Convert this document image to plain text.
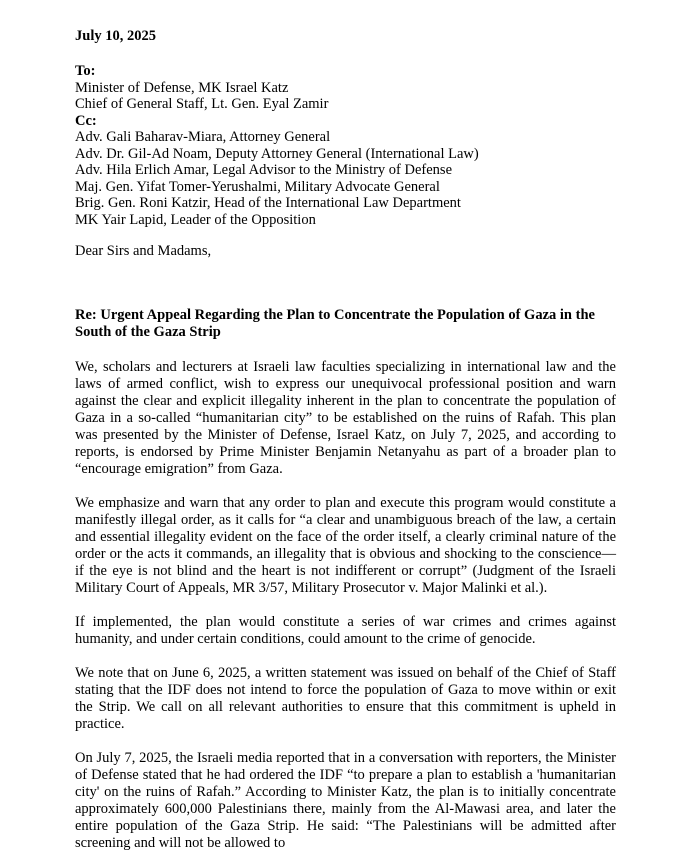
July 10, 2025
To:
Minister of Defense, MK Israel Katz
Chief of General Staff, Lt. Gen. Eyal Zamir
Cc:
Adv. Gali Baharav-Miara, Attorney General
Adv. Dr. Gil-Ad Noam, Deputy Attorney General (International Law)
Adv. Hila Erlich Amar, Legal Advisor to the Ministry of Defense
Maj. Gen. Yifat Tomer-Yerushalmi, Military Advocate General
Brig. Gen. Roni Katzir, Head of the International Law Department
MK Yair Lapid, Leader of the Opposition
Dear Sirs and Madams,
Re: Urgent Appeal Regarding the Plan to Concentrate the Population of Gaza in the South of the Gaza Strip

We, scholars and lecturers at Israeli law faculties specializing in international law and the laws of armed conflict, wish to express our unequivocal professional position and warn against the clear and explicit illegality inherent in the plan to concentrate the population of Gaza in a so-called “humanitarian city” to be established on the ruins of Rafah. This plan was presented by the Minister of Defense, Israel Katz, on July 7, 2025, and according to reports, is endorsed by Prime Minister Benjamin Netanyahu as part of a broader plan to “encourage emigration” from Gaza.

We emphasize and warn that any order to plan and execute this program would constitute a manifestly illegal order, as it calls for “a clear and unambiguous breach of the law, a certain and essential illegality evident on the face of the order itself, a clearly criminal nature of the order or the acts it commands, an illegality that is obvious and shocking to the conscience—if the eye is not blind and the heart is not indifferent or corrupt” (Judgment of the Israeli Military Court of Appeals, MR 3/57, Military Prosecutor v. Major Malinki et al.).

If implemented, the plan would constitute a series of war crimes and crimes against humanity, and under certain conditions, could amount to the crime of genocide.

We note that on June 6, 2025, a written statement was issued on behalf of the Chief of Staff stating that the IDF does not intend to force the population of Gaza to move within or exit the Strip. We call on all relevant authorities to ensure that this commitment is upheld in practice.

On July 7, 2025, the Israeli media reported that in a conversation with reporters, the Minister of Defense stated that he had ordered the IDF “to prepare a plan to establish a 'humanitarian city' on the ruins of Rafah.” According to Minister Katz, the plan is to initially concentrate approximately 600,000 Palestinians there, mainly from the Al-Mawasi area, and later the entire population of the Gaza Strip. He said: “The Palestinians will be admitted after screening and will not be allowed to
